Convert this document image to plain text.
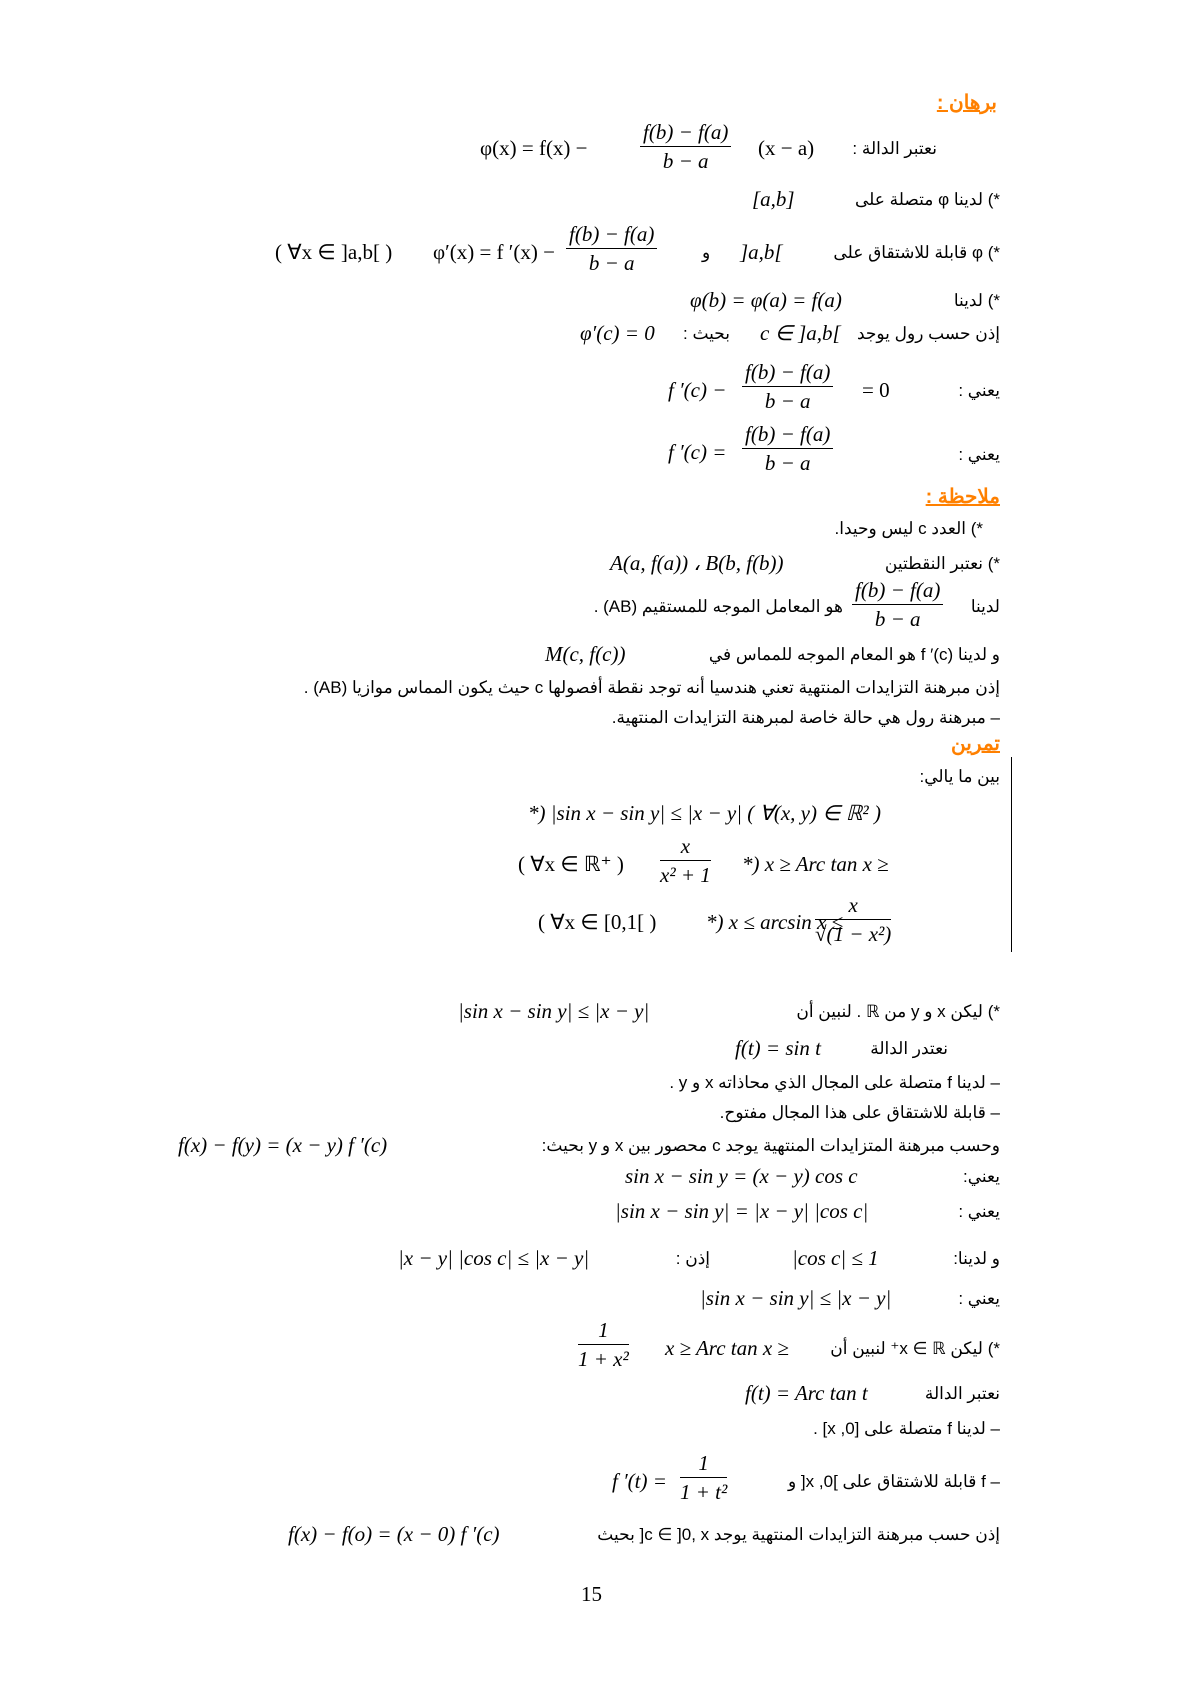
برهان :
نعتبر الدالة :
$\varphi(x) = f(x) - \frac{f(b) - f(a)}{b - a} (x - a)$
*) لدينا φ متصلة على
[a,b]
*) φ قابلة للاشتقاق على
]a,b[
و
φ′(x) = f $'(x) - \frac{f(b) - f(a)}{b - a}$
( ∀x ∈ ]a,b[ )
*) لدينا
φ(b) = φ(a) = f(a)
إذن حسب رول يوجد
c ∈ ]a,b[
بحيث :
φ′(c) = 0
يعني :
f $'(c) - \frac{f(b) - f(a)}{b - a} = 0$
يعني :
f $'(c) = \frac{f(b) - f(a)}{b - a}$
ملاحظة :
*) العدد c ليس وحيدا.
*) نعتبر النقطتين
A(a, f(a)) ، B(b, f(b))
لدينا
$\frac{f(b) - f(a)}{b - a}$
هو المعامل الموجه للمستقيم (AB) .
و لدينا f ′(c) هو المعام الموجه للمماس في
M(c, f(c))
إذن مبرهنة التزايدات المنتهية تعني هندسيا أنه توجد نقطة أفصولها c حيث يكون المماس موازيا (AB) .
– مبرهنة رول هي حالة خاصة لمبرهنة التزايدات المنتهية.
تمرين
بين ما يالي:
*) |sin x − sin y| ≤ |x − y| ( ∀(x, y) ∈ ℝ² )
*) x ≥ Arc tan x ≥
$\frac{x}{\text{x² + 1}}$
( ∀x ∈ ℝ⁺ )
*) x ≤ arcsin x ≤
$\frac{x}{\text{√(1 − x²)}}$
( ∀x ∈ [0,1[ )
*) ليكن x و y من ℝ . لنبين أن
|sin x − sin y| ≤ |x − y|
نعتدر الدالة
f(t) = sin t
– لدينا f متصلة على المجال الذي محاذاته x و y .
– قابلة للاشتقاق على هذا المجال مفتوح.
وحسب مبرهنة المتزايدات المنتهية يوجد c محصور بين x و y بحيث:
f(x) − f(y) = (x − y) f ′(c)
يعني:
sin x − sin y = (x − y) cos c
يعني :
|sin x − sin y| = |x − y| |cos c|
و لدينا:
|cos c| ≤ 1
إذن :
|x − y| |cos c| ≤ |x − y|
يعني :
|sin x − sin y| ≤ |x − y|
*) ليكن x ∈ ℝ⁺ لنبين أن
x ≥ Arc tan x ≥
$\frac{1}{\text{1 + x²}}$
نعتبر الدالة
f(t) = Arc tan t
– لدينا f متصلة على [0, x] .
– f قابلة للاشتقاق على ]0, x[ و
f $'(t) = \frac{1}{\text{1 + t²}}$
إذن حسب مبرهنة التزايدات المنتهية يوجد c ∈ ]0, x[ بحيث
f(x) − f(o) = (x − 0) f ′(c)
15
